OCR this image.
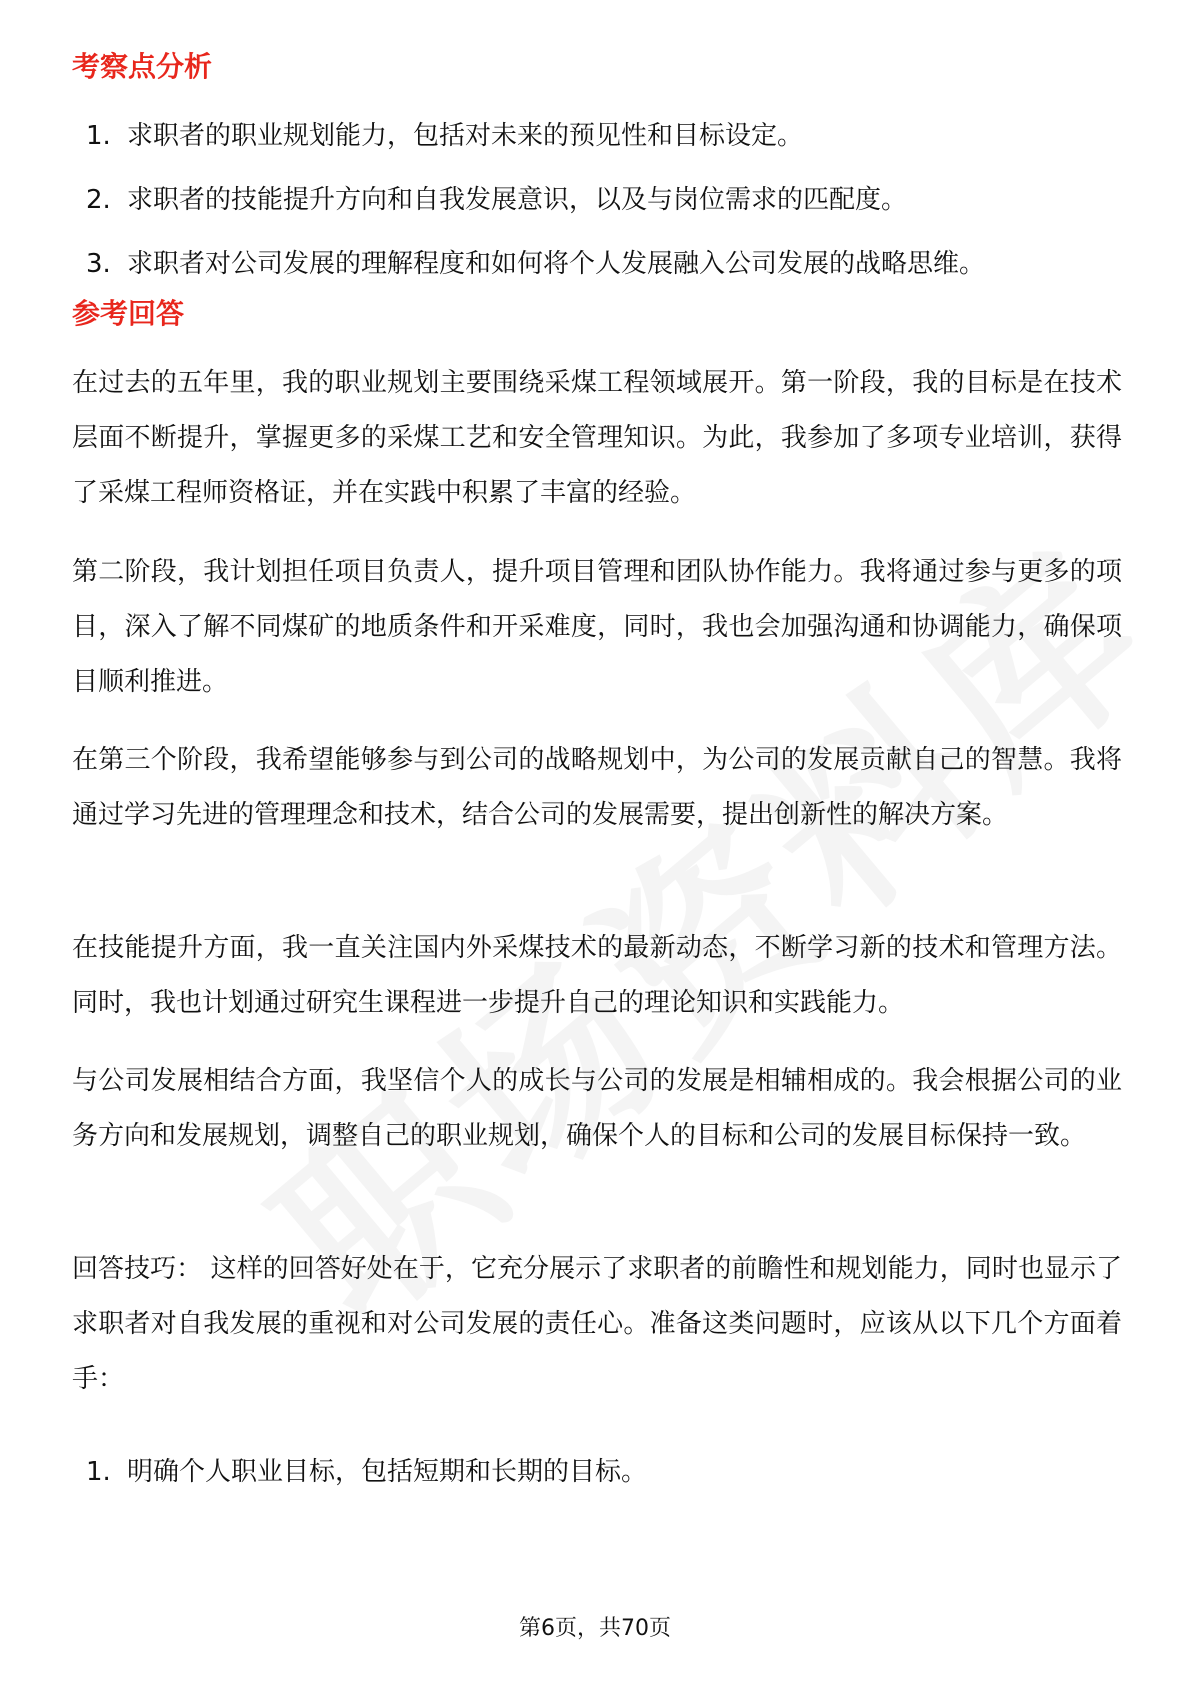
考察点分析
1. 求职者的职业规划能力，包括对未来的预见性和目标设定。
2. 求职者的技能提升方向和自我发展意识，以及与岗位需求的匹配度。
3. 求职者对公司发展的理解程度和如何将个人发展融入公司发展的战略思维。
参考回答

在过去的五年里，我的职业规划主要围绕采煤工程领域展开。第一阶段，我的目标是在技术层面不断提升，掌握更多的采煤工艺和安全管理知识。为此，我参加了多项专业培训，获得了采煤工程师资格证，并在实践中积累了丰富的经验。

第二阶段，我计划担任项目负责人，提升项目管理和团队协作能力。我将通过参与更多的项目，深入了解不同煤矿的地质条件和开采难度，同时，我也会加强沟通和协调能力，确保项目顺利推进。

在第三个阶段，我希望能够参与到公司的战略规划中，为公司的发展贡献自己的智慧。我将通过学习先进的管理理念和技术，结合公司的发展需要，提出创新性的解决方案。

在技能提升方面，我一直关注国内外采煤技术的最新动态，不断学习新的技术和管理方法。同时，我也计划通过研究生课程进一步提升自己的理论知识和实践能力。

与公司发展相结合方面，我坚信个人的成长与公司的发展是相辅相成的。我会根据公司的业务方向和发展规划，调整自己的职业规划，确保个人的目标和公司的发展目标保持一致。

回答技巧： 这样的回答好处在于，它充分展示了求职者的前瞻性和规划能力，同时也显示了求职者对自我发展的重视和对公司发展的责任心。准备这类问题时，应该从以下几个方面着手：

1. 明确个人职业目标，包括短期和长期的目标。
第6页，共70页
